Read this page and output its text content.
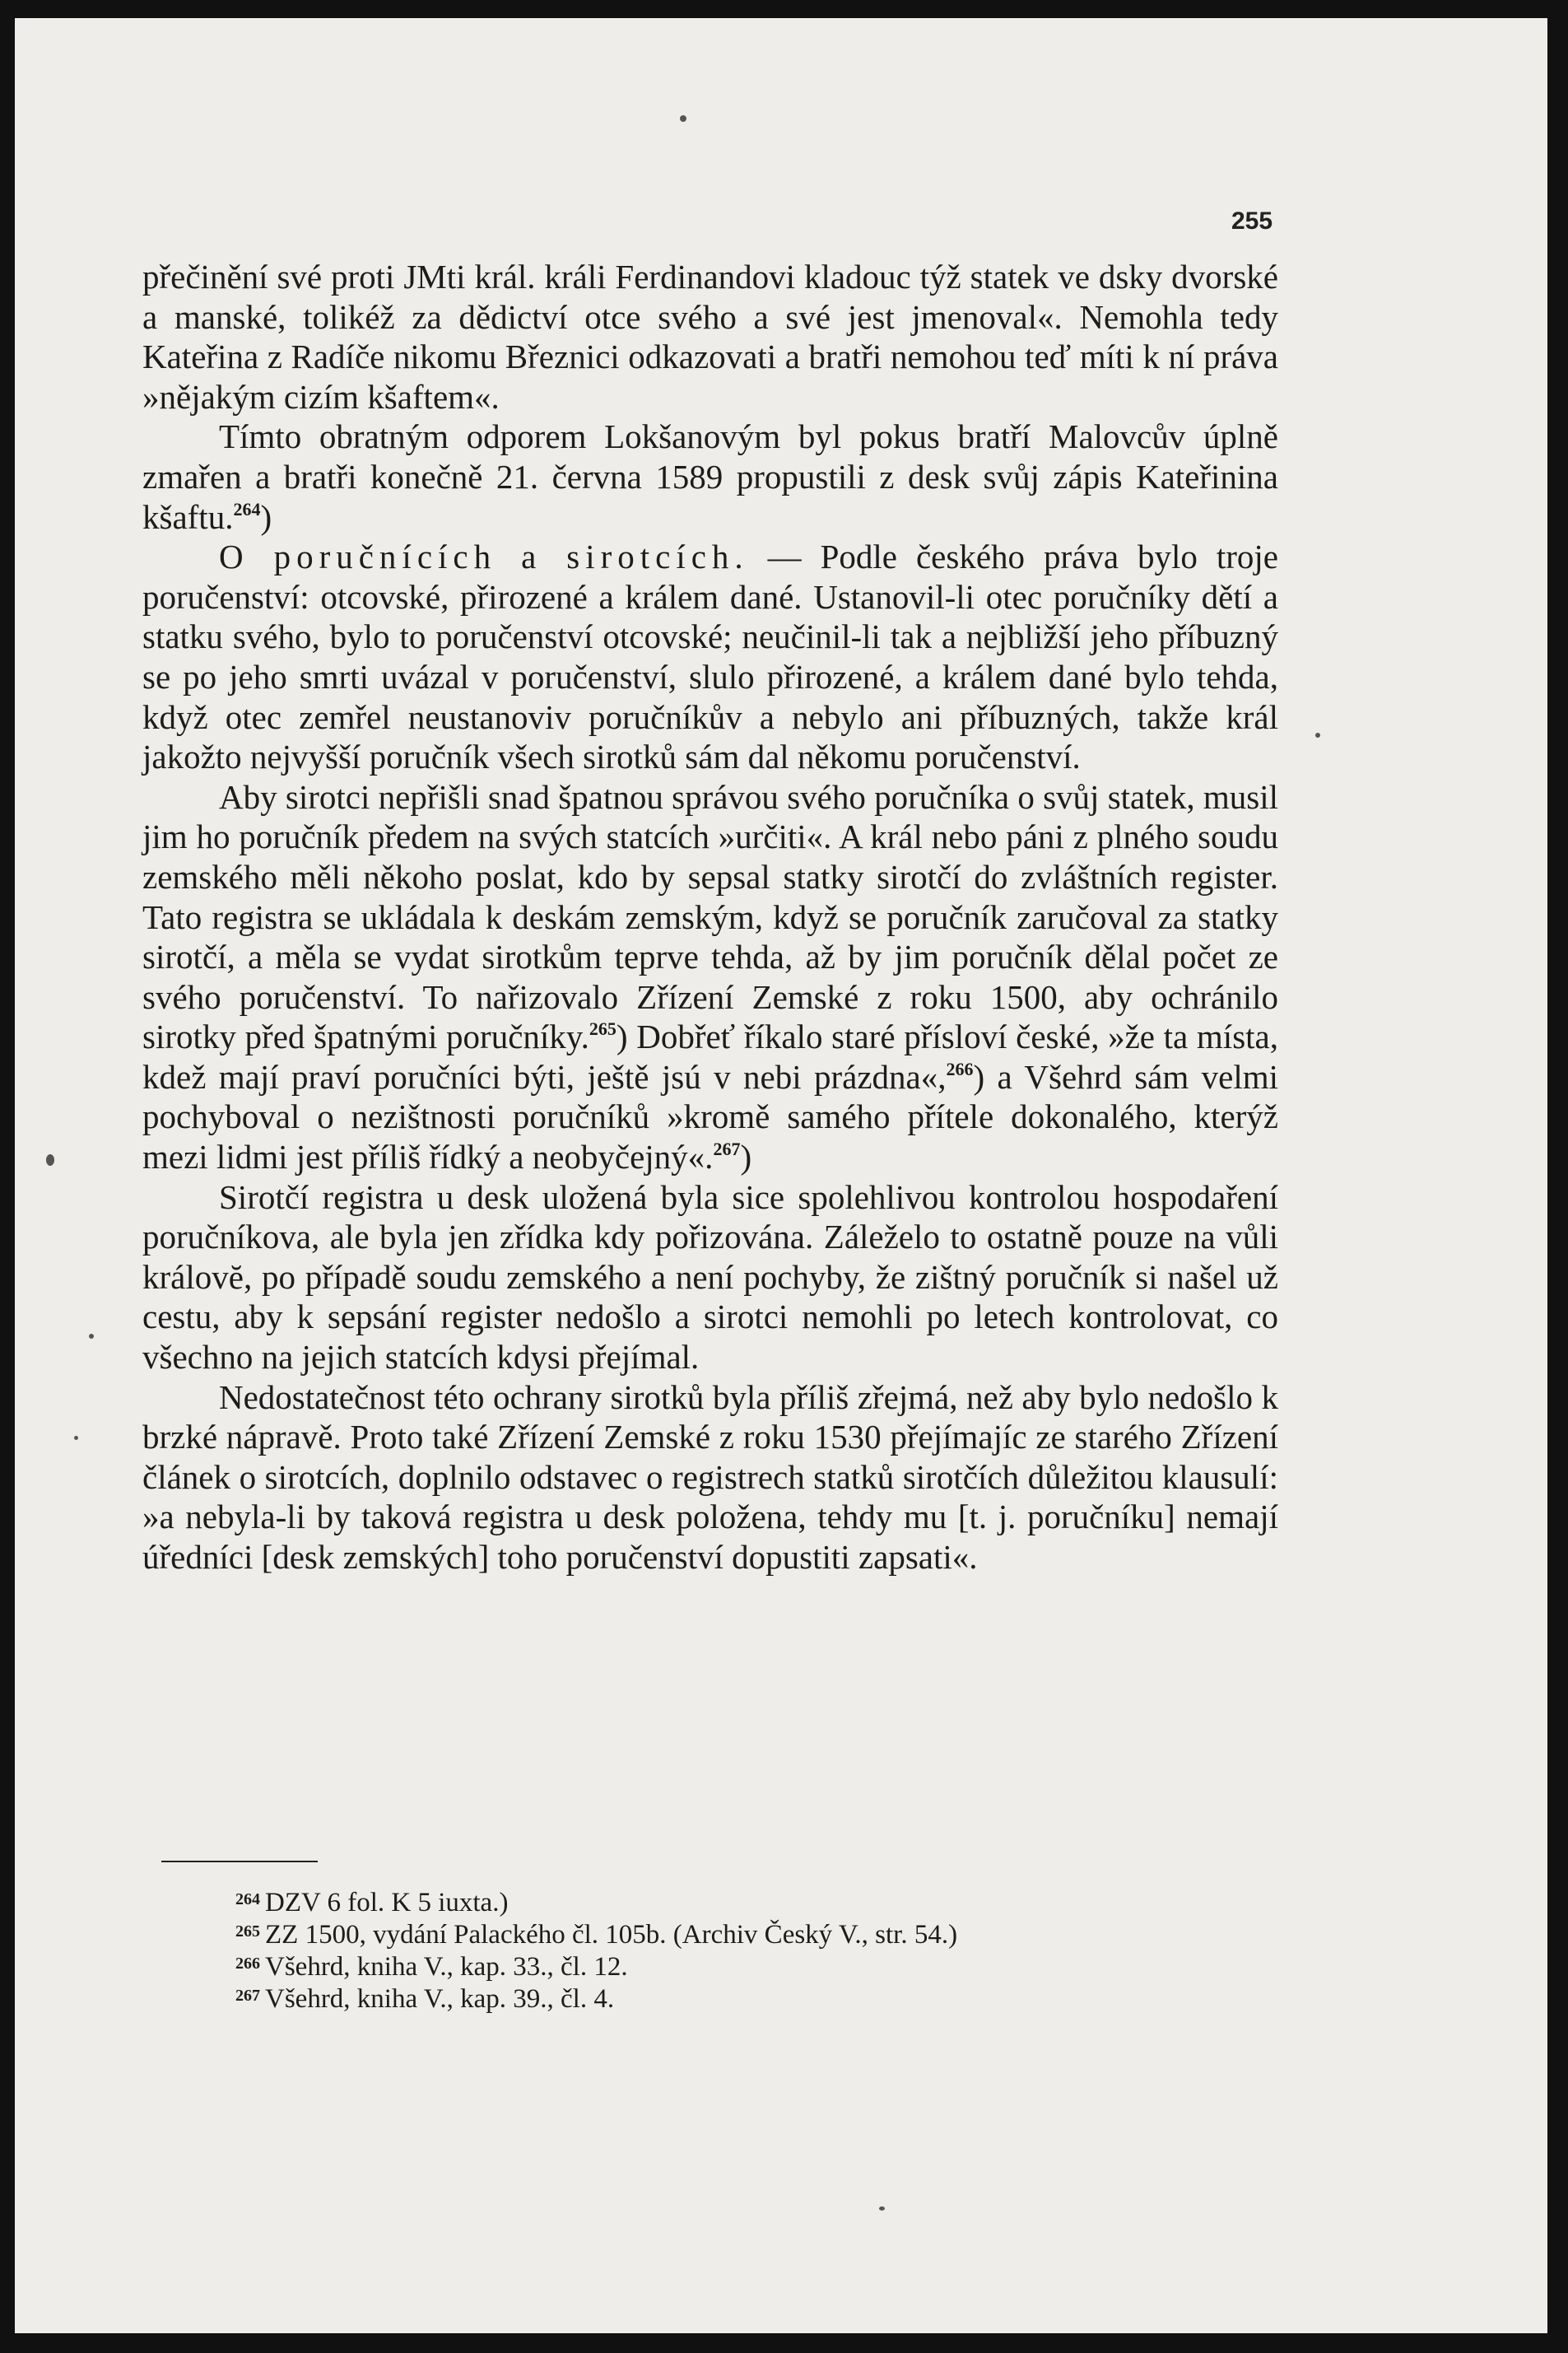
255

přečinění své proti JMti král. králi Ferdinandovi kladouc týž statek ve dsky dvorské a manské, tolikéž za dědictví otce svého a své jest jmenoval«. Nemohla tedy Kateřina z Radíče nikomu Březnici odkazovati a bratři nemohou teď míti k ní práva »nějakým cizím kšaftem«.

Tímto obratným odporem Lokšanovým byl pokus bratří Malovcův úplně zmařen a bratři konečně 21. června 1589 propustili z desk svůj zápis Kateřinina kšaftu.$^{264}$)

O poručnících a sirotcích. — Podle českého práva bylo troje poručenství: otcovské, přirozené a králem dané. Ustanovil-li otec poručníky dětí a statku svého, bylo to poručenství otcovské; neučinil-li tak a nejbližší jeho příbuzný se po jeho smrti uvázal v poručenství, slulo přirozené, a králem dané bylo tehda, když otec zemřel neustanoviv poručníkův a nebylo ani příbuzných, takže král jakožto nejvyšší poručník všech sirotků sám dal někomu poručenství.

Aby sirotci nepřišli snad špatnou správou svého poručníka o svůj statek, musil jim ho poručník předem na svých statcích »určiti«. A král nebo páni z plného soudu zemského měli někoho poslat, kdo by sepsal statky sirotčí do zvláštních register. Tato registra se ukládala k deskám zemským, když se poručník zaručoval za statky sirotčí, a měla se vydat sirotkům teprve tehda, až by jim poručník dělal počet ze svého poručenství. To nařizovalo Zřízení Zemské z roku 1500, aby ochránilo sirotky před špatnými poručníky.$^{265}$) Dobřeť říkalo staré přísloví české, »že ta místa, kdež mají praví poručníci býti, ještě jsú v nebi prázdna«,$^{266}$) a Všehrd sám velmi pochyboval o nezištnosti poručníků »kromě samého přítele dokonalého, kterýž mezi lidmi jest příliš řídký a neobyčejný«.$^{267}$)

Sirotčí registra u desk uložená byla sice spolehlivou kontrolou hospodaření poručníkova, ale byla jen zřídka kdy pořizována. Záleželo to ostatně pouze na vůli královĕ, po případě soudu zemského a není pochyby, že zištný poručník si našel už cestu, aby k sepsání register nedošlo a sirotci nemohli po letech kontrolovat, co všechno na jejich statcích kdysi přejímal.

Nedostatečnost této ochrany sirotků byla příliš zřejmá, než aby bylo nedošlo k brzké nápravě. Proto také Zřízení Zemské z roku 1530 přejímajíc ze starého Zřízení článek o sirotcích, doplnilo odstavec o registrech statků sirotčích důležitou klausulí: »a nebyla-li by taková registra u desk položena, tehdy mu [t. j. poručníku] nemají úředníci [desk zemských] toho poručenství dopustiti zapsati«.

$^{264}$ DZV 6 fol. K 5 iuxta.)

$^{265}$ ZZ 1500, vydání Palackého čl. 105b. (Archiv Český V., str. 54.)

$^{266}$ Všehrd, kniha V., kap. 33., čl. 12.

$^{267}$ Všehrd, kniha V., kap. 39., čl. 4.
